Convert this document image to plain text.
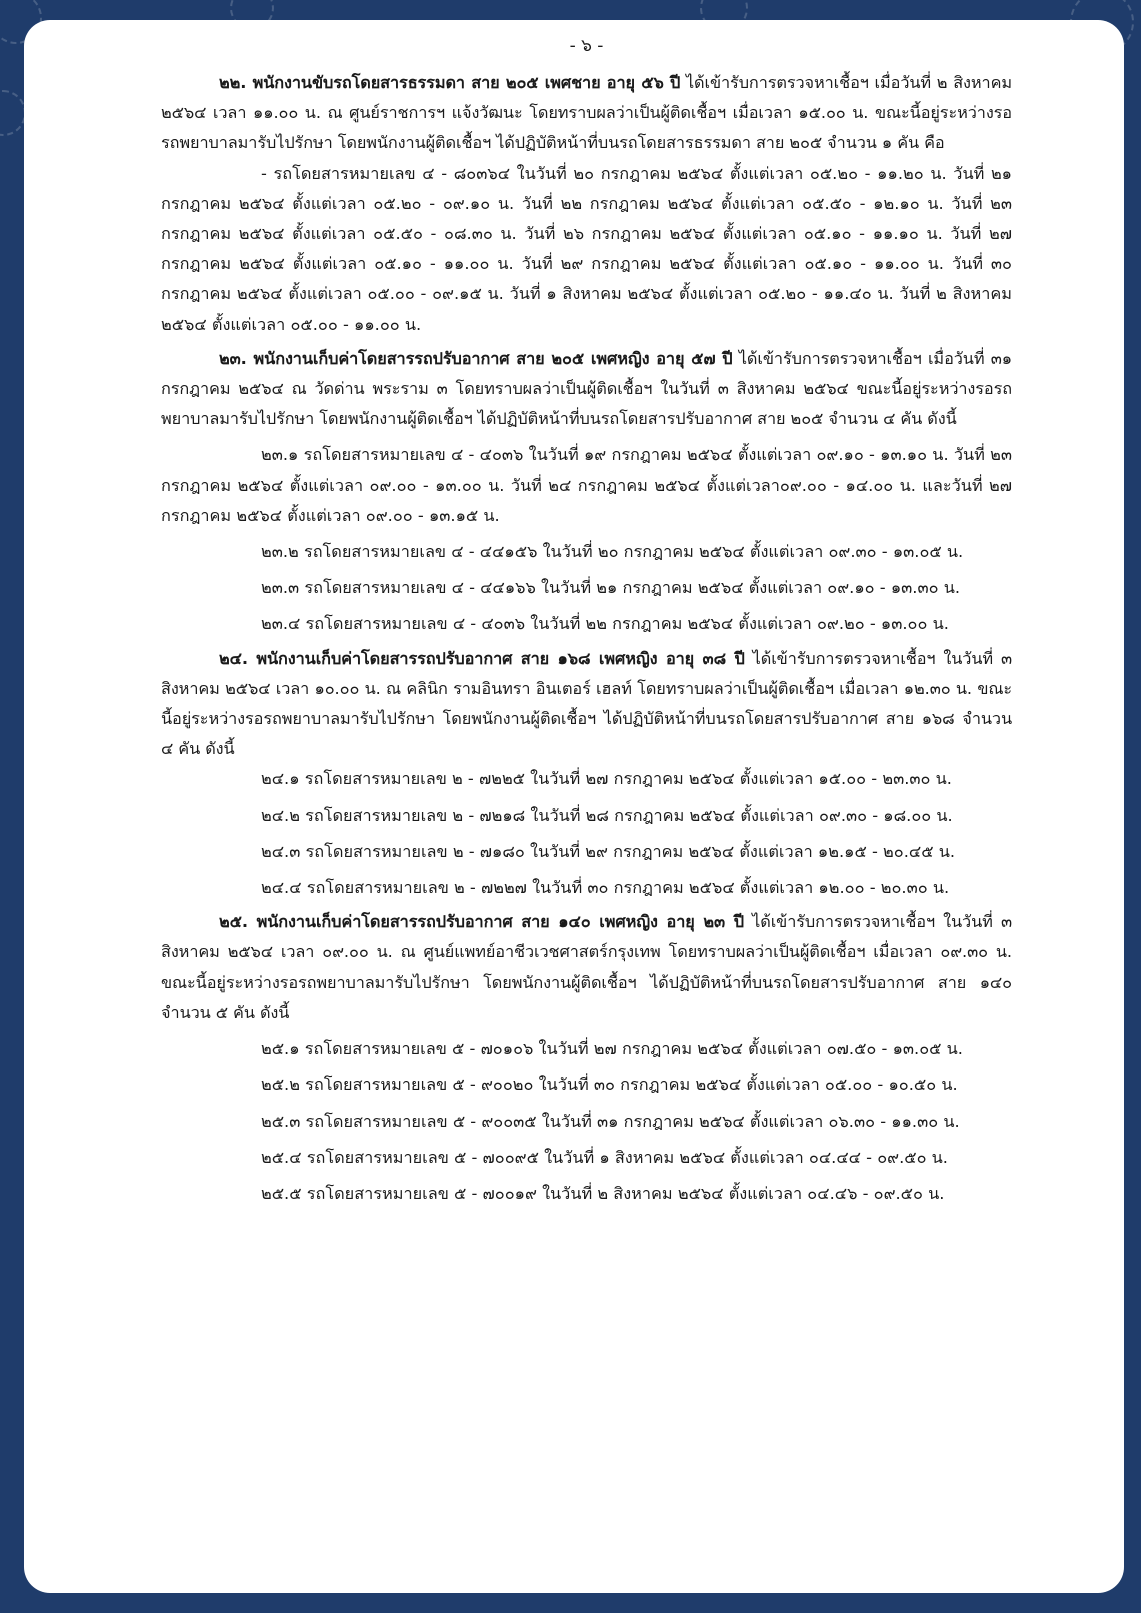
- ๖ -

๒๒. พนักงานขับรถโดยสารธรรมดา สาย ๒๐๕ เพศชาย อายุ ๕๖ ปี ได้เข้ารับการตรวจหาเชื้อฯ เมื่อวันที่ ๒ สิงหาคม ๒๕๖๔ เวลา ๑๑.๐๐ น. ณ ศูนย์ราชการฯ แจ้งวัฒนะ โดยทราบผลว่าเป็นผู้ติดเชื้อฯ เมื่อเวลา ๑๕.๐๐ น. ขณะนี้อยู่ระหว่างรอรถพยาบาลมารับไปรักษา โดยพนักงานผู้ติดเชื้อฯ ได้ปฏิบัติหน้าที่บนรถโดยสารธรรมดา สาย ๒๐๕ จำนวน ๑ คัน คือ

- รถโดยสารหมายเลข ๔ - ๘๐๓๖๔ ในวันที่ ๒๐ กรกฎาคม ๒๕๖๔ ตั้งแต่เวลา ๐๕.๒๐ - ๑๑.๒๐ น. วันที่ ๒๑ กรกฎาคม ๒๕๖๔ ตั้งแต่เวลา ๐๕.๒๐ - ๐๙.๑๐ น. วันที่ ๒๒ กรกฎาคม ๒๕๖๔ ตั้งแต่เวลา ๐๕.๕๐ - ๑๒.๑๐ น. วันที่ ๒๓ กรกฎาคม ๒๕๖๔ ตั้งแต่เวลา ๐๕.๕๐ - ๐๘.๓๐ น. วันที่ ๒๖ กรกฎาคม ๒๕๖๔ ตั้งแต่เวลา ๐๕.๑๐ - ๑๑.๑๐ น. วันที่ ๒๗ กรกฎาคม ๒๕๖๔ ตั้งแต่เวลา ๐๕.๑๐ - ๑๑.๐๐ น. วันที่ ๒๙ กรกฎาคม ๒๕๖๔ ตั้งแต่เวลา ๐๕.๑๐ - ๑๑.๐๐ น. วันที่ ๓๐ กรกฎาคม ๒๕๖๔ ตั้งแต่เวลา ๐๕.๐๐ - ๐๙.๑๕ น. วันที่ ๑ สิงหาคม ๒๕๖๔ ตั้งแต่เวลา ๐๕.๒๐ - ๑๑.๔๐ น. วันที่ ๒ สิงหาคม ๒๕๖๔ ตั้งแต่เวลา ๐๕.๐๐ - ๑๑.๐๐ น.

๒๓. พนักงานเก็บค่าโดยสารรถปรับอากาศ สาย ๒๐๕ เพศหญิง อายุ ๕๗ ปี ได้เข้ารับการตรวจหาเชื้อฯ เมื่อวันที่ ๓๑ กรกฎาคม ๒๕๖๔ ณ วัดด่าน พระราม ๓ โดยทราบผลว่าเป็นผู้ติดเชื้อฯ ในวันที่ ๓ สิงหาคม ๒๕๖๔ ขณะนี้อยู่ระหว่างรอรถพยาบาลมารับไปรักษา โดยพนักงานผู้ติดเชื้อฯ ได้ปฏิบัติหน้าที่บนรถโดยสารปรับอากาศ สาย ๒๐๕ จำนวน ๔ คัน ดังนี้

๒๓.๑ รถโดยสารหมายเลข ๔ - ๔๐๓๖ ในวันที่ ๑๙ กรกฎาคม ๒๕๖๔ ตั้งแต่เวลา ๐๙.๑๐ - ๑๓.๑๐ น. วันที่ ๒๓ กรกฎาคม ๒๕๖๔ ตั้งแต่เวลา ๐๙.๐๐ - ๑๓.๐๐ น. วันที่ ๒๔ กรกฎาคม ๒๕๖๔ ตั้งแต่เวลา๐๙.๐๐ - ๑๔.๐๐ น. และวันที่ ๒๗ กรกฎาคม ๒๕๖๔ ตั้งแต่เวลา ๐๙.๐๐ - ๑๓.๑๕ น.

๒๓.๒ รถโดยสารหมายเลข ๔ - ๔๔๑๕๖ ในวันที่ ๒๐ กรกฎาคม ๒๕๖๔ ตั้งแต่เวลา ๐๙.๓๐ - ๑๓.๐๕ น.

๒๓.๓ รถโดยสารหมายเลข ๔ - ๔๔๑๖๖ ในวันที่ ๒๑ กรกฎาคม ๒๕๖๔ ตั้งแต่เวลา ๐๙.๑๐ - ๑๓.๓๐ น.

๒๓.๔ รถโดยสารหมายเลข ๔ - ๔๐๓๖ ในวันที่ ๒๒ กรกฎาคม ๒๕๖๔ ตั้งแต่เวลา ๐๙.๒๐ - ๑๓.๐๐ น.

๒๔. พนักงานเก็บค่าโดยสารรถปรับอากาศ สาย ๑๖๘ เพศหญิง อายุ ๓๘ ปี ได้เข้ารับการตรวจหาเชื้อฯ ในวันที่ ๓ สิงหาคม ๒๕๖๔ เวลา ๑๐.๐๐ น. ณ คลินิก รามอินทรา อินเตอร์ เฮลท์ โดยทราบผลว่าเป็นผู้ติดเชื้อฯ เมื่อเวลา ๑๒.๓๐ น. ขณะนี้อยู่ระหว่างรอรถพยาบาลมารับไปรักษา โดยพนักงานผู้ติดเชื้อฯ ได้ปฏิบัติหน้าที่บนรถโดยสารปรับอากาศ สาย ๑๖๘ จำนวน ๔ คัน ดังนี้

๒๔.๑ รถโดยสารหมายเลข ๒ - ๗๒๒๕ ในวันที่ ๒๗ กรกฎาคม ๒๕๖๔ ตั้งแต่เวลา ๑๕.๐๐ - ๒๓.๓๐ น.

๒๔.๒ รถโดยสารหมายเลข ๒ - ๗๒๑๘ ในวันที่ ๒๘ กรกฎาคม ๒๕๖๔ ตั้งแต่เวลา ๐๙.๓๐ - ๑๘.๐๐ น.

๒๔.๓ รถโดยสารหมายเลข ๒ - ๗๑๘๐ ในวันที่ ๒๙ กรกฎาคม ๒๕๖๔ ตั้งแต่เวลา ๑๒.๑๕ - ๒๐.๔๕ น.

๒๔.๔ รถโดยสารหมายเลข ๒ - ๗๒๒๗ ในวันที่ ๓๐ กรกฎาคม ๒๕๖๔ ตั้งแต่เวลา ๑๒.๐๐ - ๒๐.๓๐ น.

๒๕. พนักงานเก็บค่าโดยสารรถปรับอากาศ สาย ๑๔๐ เพศหญิง อายุ ๒๓ ปี ได้เข้ารับการตรวจหาเชื้อฯ ในวันที่ ๓ สิงหาคม ๒๕๖๔ เวลา ๐๙.๐๐ น. ณ ศูนย์แพทย์อาชีวเวชศาสตร์กรุงเทพ โดยทราบผลว่าเป็นผู้ติดเชื้อฯ เมื่อเวลา ๐๙.๓๐ น. ขณะนี้อยู่ระหว่างรอรถพยาบาลมารับไปรักษา โดยพนักงานผู้ติดเชื้อฯ ได้ปฏิบัติหน้าที่บนรถโดยสารปรับอากาศ สาย ๑๔๐ จำนวน ๕ คัน ดังนี้

๒๕.๑ รถโดยสารหมายเลข ๕ - ๗๐๑๐๖ ในวันที่ ๒๗ กรกฎาคม ๒๕๖๔ ตั้งแต่เวลา ๐๗.๕๐ - ๑๓.๐๕ น.

๒๕.๒ รถโดยสารหมายเลข ๕ - ๙๐๐๒๐ ในวันที่ ๓๐ กรกฎาคม ๒๕๖๔ ตั้งแต่เวลา ๐๕.๐๐ - ๑๐.๕๐ น.

๒๕.๓ รถโดยสารหมายเลข ๕ - ๙๐๐๓๕ ในวันที่ ๓๑ กรกฎาคม ๒๕๖๔ ตั้งแต่เวลา ๐๖.๓๐ - ๑๑.๓๐ น.

๒๕.๔ รถโดยสารหมายเลข ๕ - ๗๐๐๙๕ ในวันที่ ๑ สิงหาคม ๒๕๖๔ ตั้งแต่เวลา ๐๔.๔๔ - ๐๙.๕๐ น.

๒๕.๕ รถโดยสารหมายเลข ๕ - ๗๐๐๑๙ ในวันที่ ๒ สิงหาคม ๒๕๖๔ ตั้งแต่เวลา ๐๔.๔๖ - ๐๙.๕๐ น.
